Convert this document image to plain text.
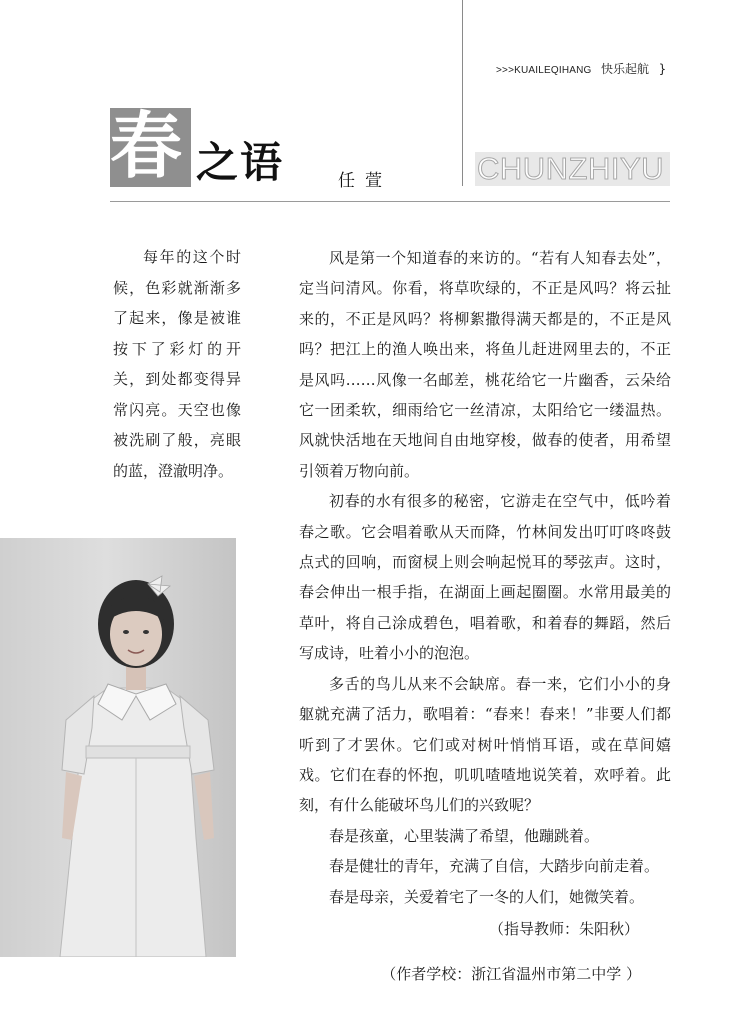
>>>KUAILEQIHANG 快乐起航 }
春 之语	任萱	CHUNZHIYU
每年的这个时候，色彩就渐渐多了起来，像是被谁按下了彩灯的开关，到处都变得异常闪亮。天空也像被洗刷了般，亮眼的蓝，澄澈明净。

风是第一个知道春的来访的。“若有人知春去处”，定当问清风。你看，将草吹绿的，不正是风吗？将云扯来的，不正是风吗？将柳絮撒得满天都是的，不正是风吗？把江上的渔人唤出来，将鱼儿赶进网里去的，不正是风吗……风像一名邮差，桃花给它一片幽香，云朵给它一团柔软，细雨给它一丝清凉，太阳给它一缕温热。风就快活地在天地间自由地穿梭，做春的使者，用希望引领着万物向前。

初春的水有很多的秘密，它游走在空气中，低吟着春之歌。它会唱着歌从天而降，竹林间发出叮叮咚咚鼓点式的回响，而窗棂上则会响起悦耳的琴弦声。这时，春会伸出一根手指，在湖面上画起圈圈。水常用最美的草叶，将自己涂成碧色，唱着歌，和着春的舞蹈，然后写成诗，吐着小小的泡泡。

多舌的鸟儿从来不会缺席。春一来，它们小小的身躯就充满了活力，歌唱着：“春来！春来！”非要人们都听到了才罢休。它们或对树叶悄悄耳语，或在草间嬉戏。它们在春的怀抱，叽叽喳喳地说笑着，欢呼着。此刻，有什么能破坏鸟儿们的兴致呢？

春是孩童，心里装满了希望，他蹦跳着。

春是健壮的青年，充满了自信，大踏步向前走着。

春是母亲，关爱着宅了一冬的人们，她微笑着。

（指导教师：朱阳秋）

（作者学校：浙江省温州市第二中学 ）
